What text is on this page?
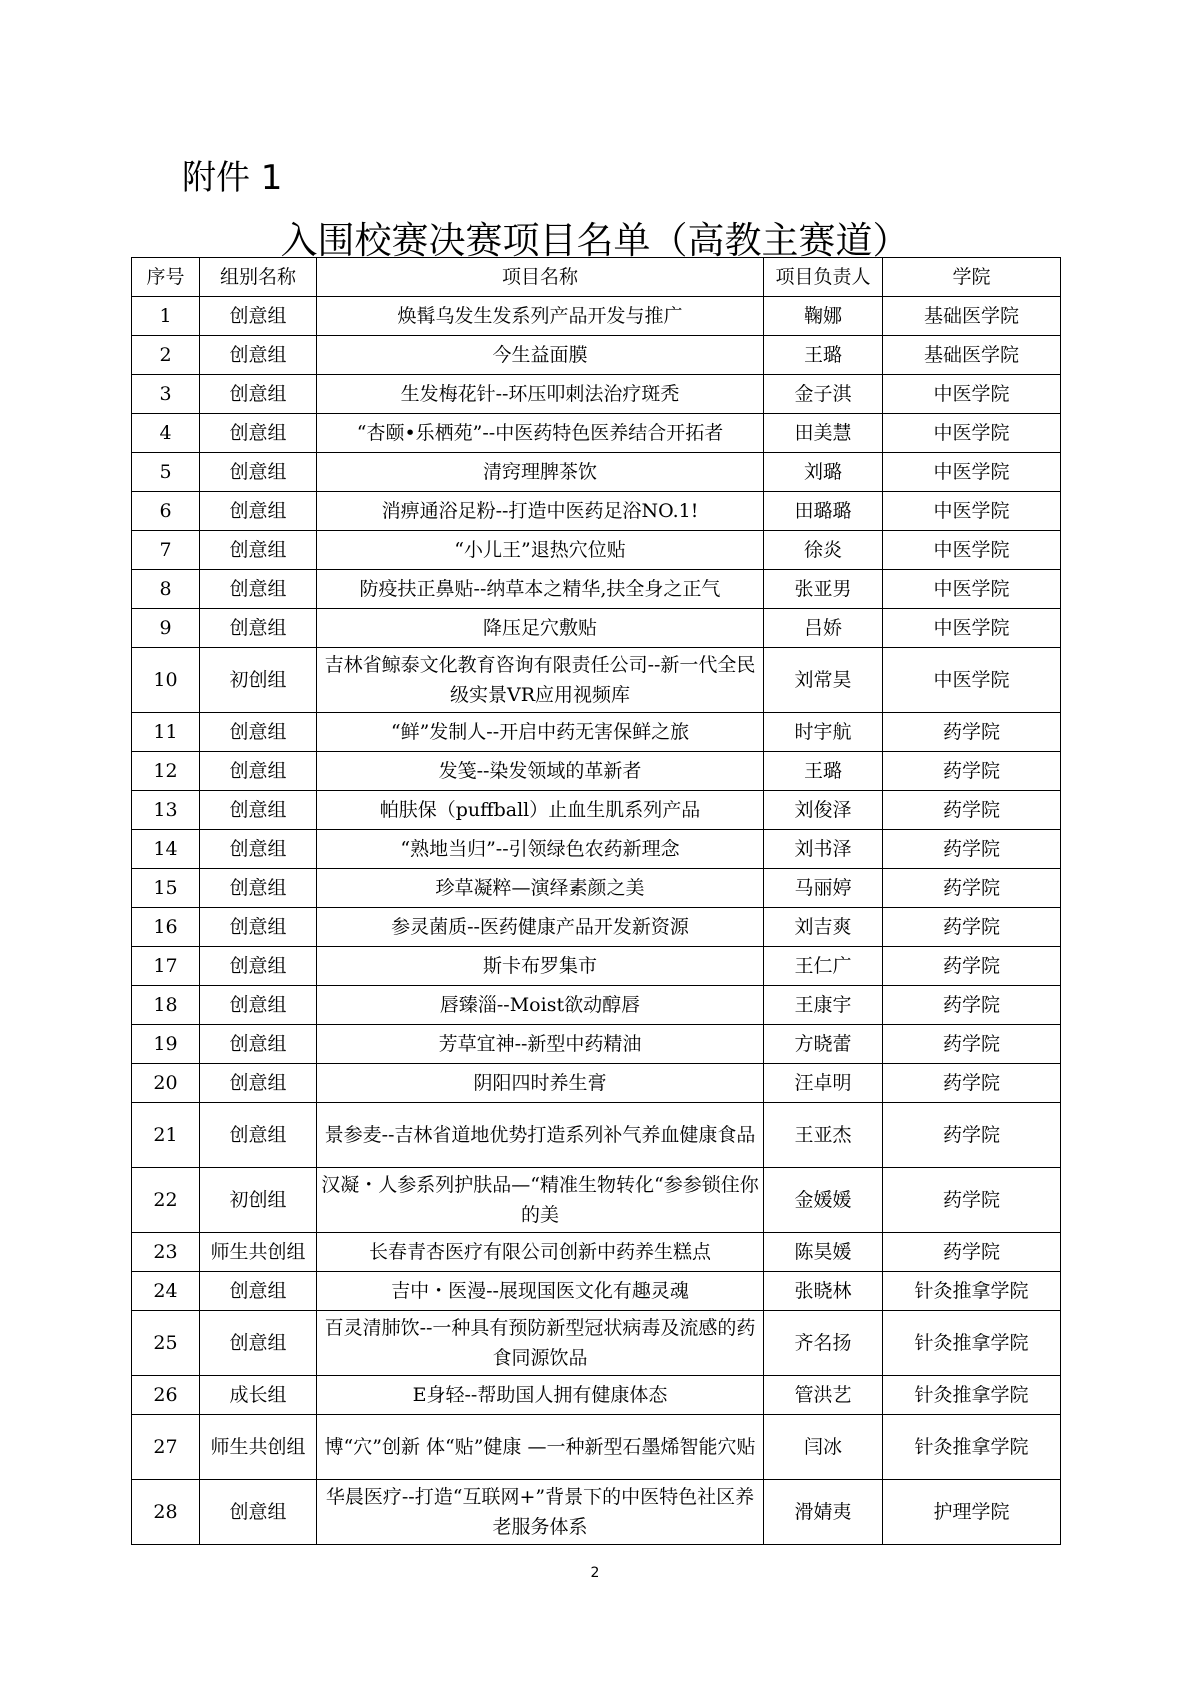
附件 1
入围校赛决赛项目名单（高教主赛道）
序号	组别名称	项目名称	项目负责人	学院
1	创意组	焕髯乌发生发系列产品开发与推广	鞠娜	基础医学院
2	创意组	今生益面膜	王璐	基础医学院
3	创意组	生发梅花针--环压叩刺法治疗斑秃	金子淇	中医学院
4	创意组	“杏颐•乐栖苑”--中医药特色医养结合开拓者	田美慧	中医学院
5	创意组	清窍理脾茶饮	刘璐	中医学院
6	创意组	消痹通浴足粉--打造中医药足浴NO.1!	田璐璐	中医学院
7	创意组	“小儿王”退热穴位贴	徐炎	中医学院
8	创意组	防疫扶正鼻贴--纳草本之精华,扶全身之正气	张亚男	中医学院
9	创意组	降压足穴敷贴	吕娇	中医学院
10	初创组	吉林省鲸泰文化教育咨询有限责任公司--新一代全民级实景VR应用视频库	刘常昊	中医学院
11	创意组	“鲜”发制人--开启中药无害保鲜之旅	时宇航	药学院
12	创意组	发笺--染发领域的革新者	王璐	药学院
13	创意组	帕肤保（puffball）止血生肌系列产品	刘俊泽	药学院
14	创意组	“熟地当归”--引领绿色农药新理念	刘书泽	药学院
15	创意组	珍草凝粹—演绎素颜之美	马丽婷	药学院
16	创意组	参灵菌质--医药健康产品开发新资源	刘吉爽	药学院
17	创意组	斯卡布罗集市	王仁广	药学院
18	创意组	唇臻淄--Moist欲动醇唇	王康宇	药学院
19	创意组	芳草宜神--新型中药精油	方晓蕾	药学院
20	创意组	阴阳四时养生膏	汪卓明	药学院
21	创意组	景参麦--吉林省道地优势打造系列补气养血健康食品	王亚杰	药学院
22	初创组	汉凝・人参系列护肤品—“精准生物转化“参参锁住你的美	金媛媛	药学院
23	师生共创组	长春青杏医疗有限公司创新中药养生糕点	陈昊媛	药学院
24	创意组	吉中・医漫--展现国医文化有趣灵魂	张晓林	针灸推拿学院
25	创意组	百灵清肺饮--一种具有预防新型冠状病毒及流感的药食同源饮品	齐名扬	针灸推拿学院
26	成长组	E身轻--帮助国人拥有健康体态	管洪艺	针灸推拿学院
27	师生共创组	博“穴”创新 体“贴”健康 —一种新型石墨烯智能穴贴	闫冰	针灸推拿学院
28	创意组	华晨医疗--打造“互联网+”背景下的中医特色社区养老服务体系	滑婧夷	护理学院
2
